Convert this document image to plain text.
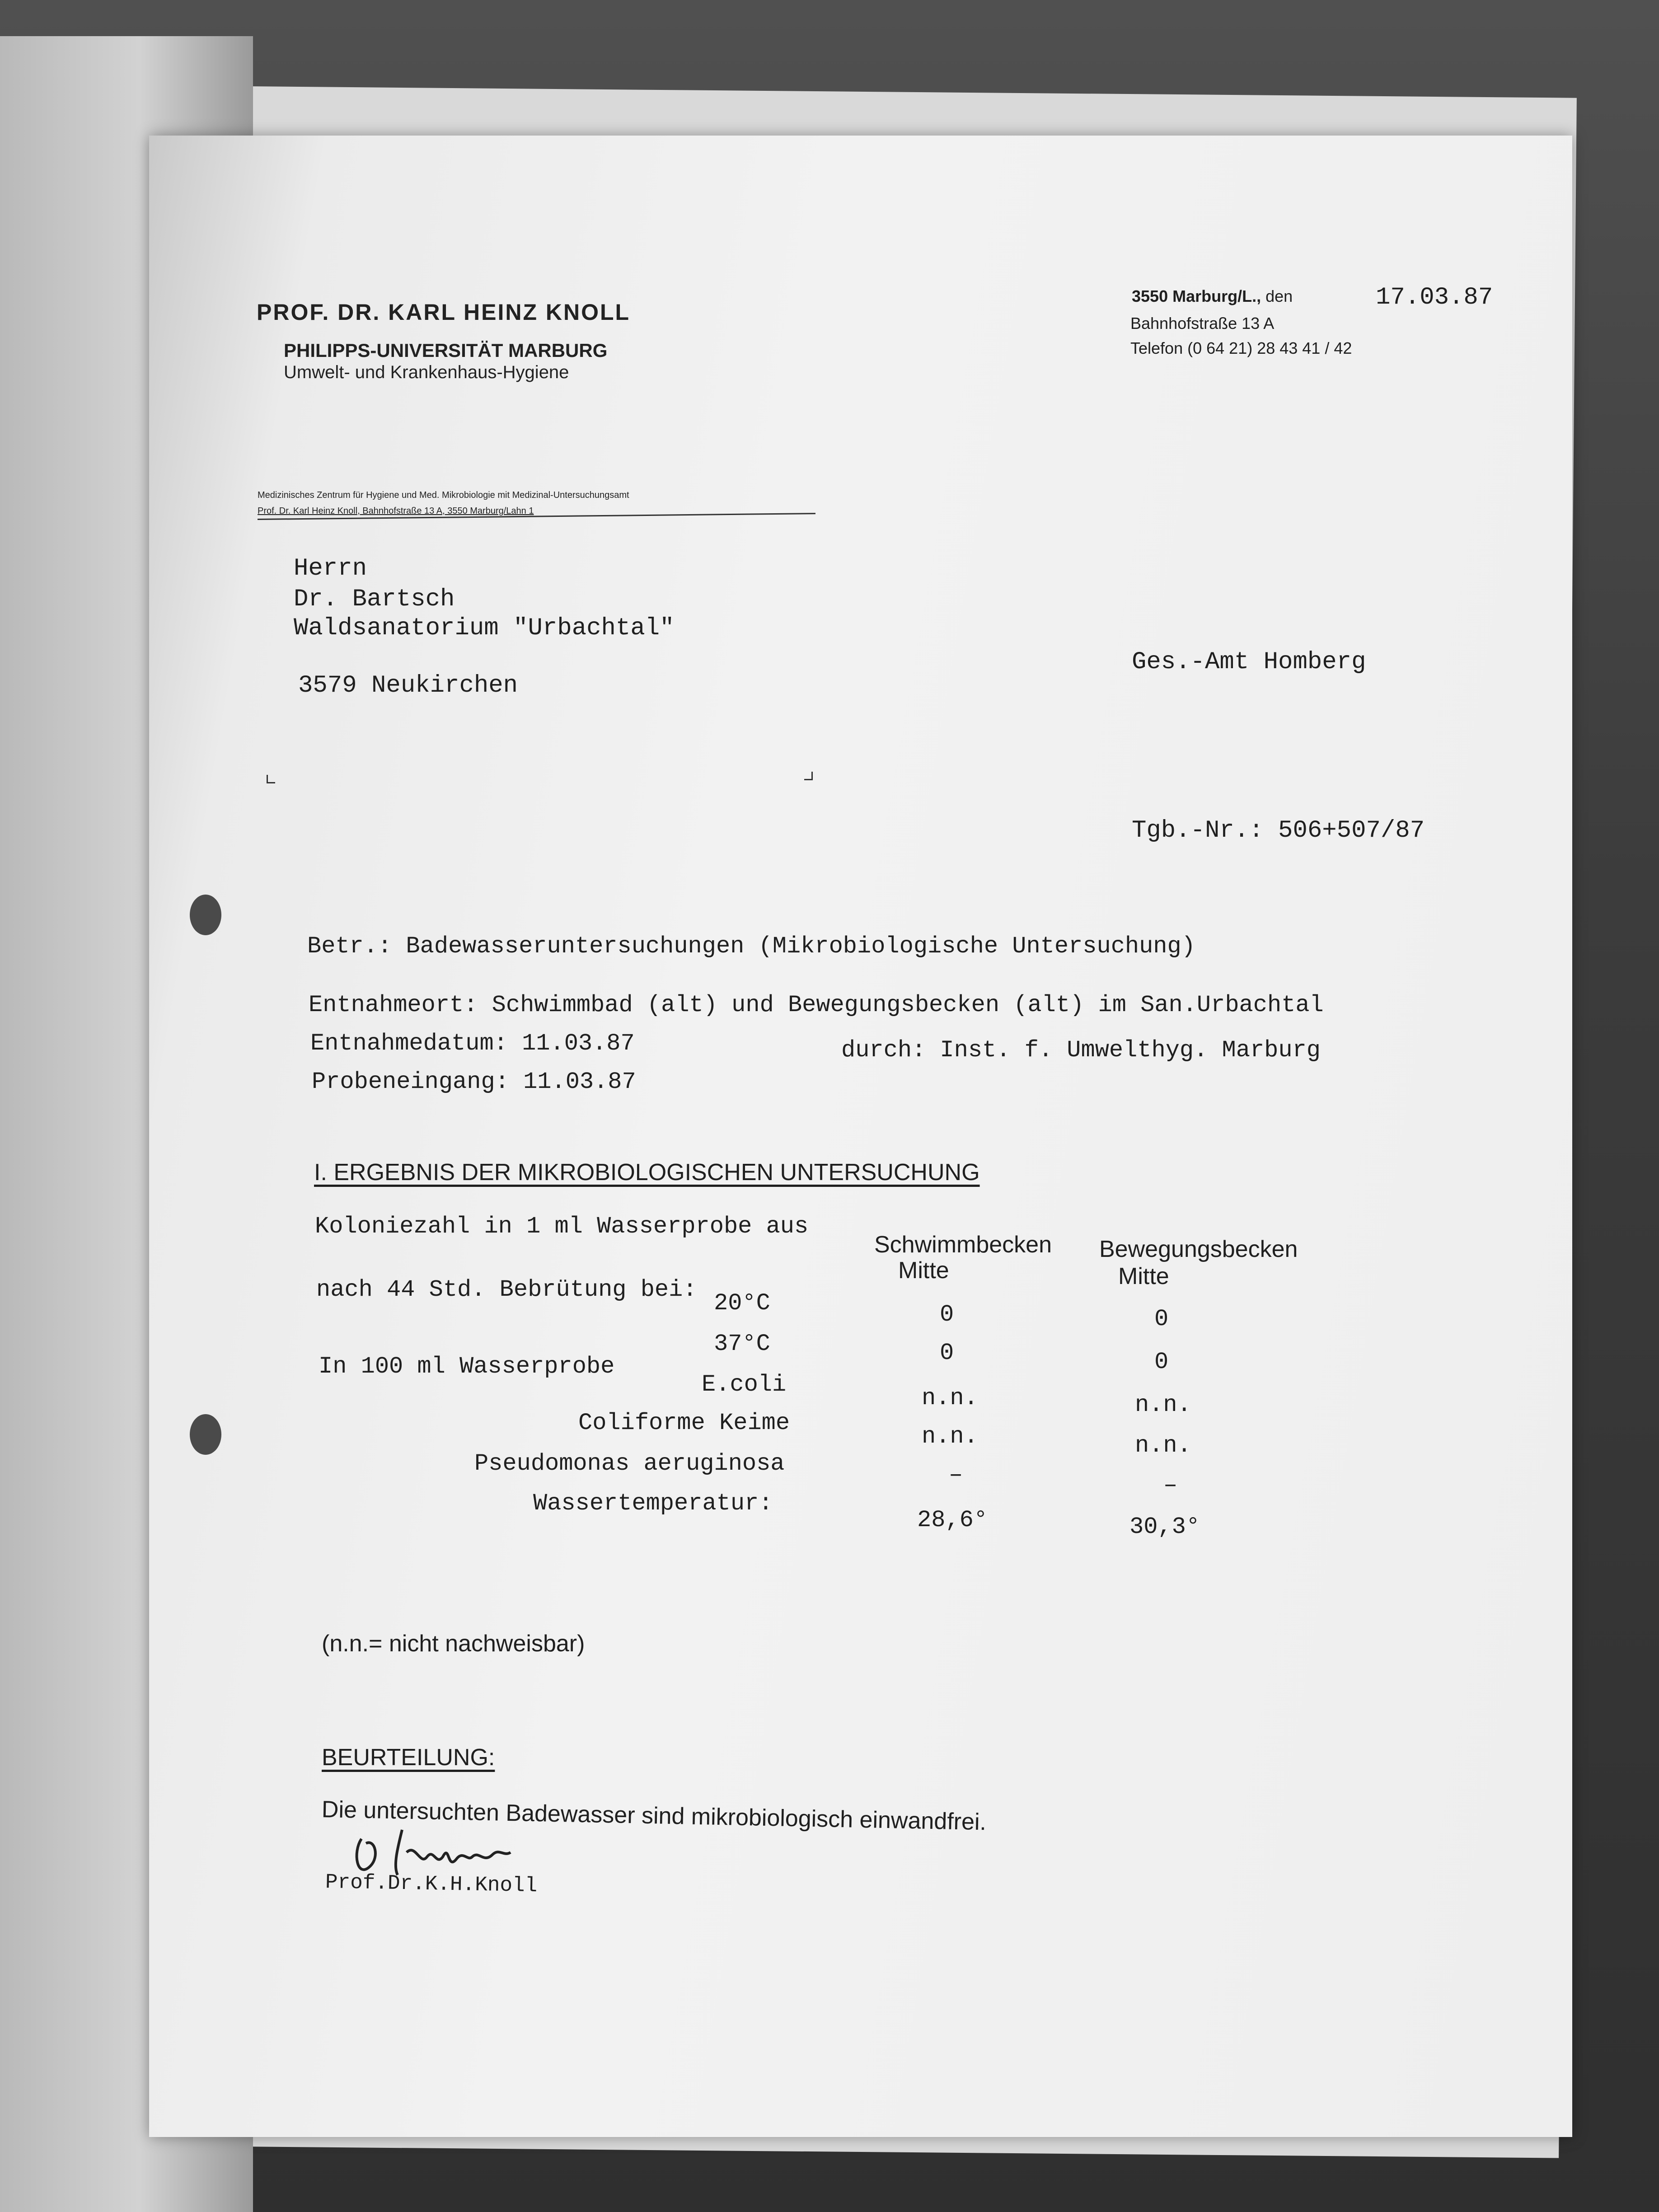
PROF. DR. KARL HEINZ KNOLL
PHILIPPS-UNIVERSITÄT MARBURG
Umwelt- und Krankenhaus-Hygiene
3550 Marburg/L., den	17.03.87
Bahnhofstraße 13 A
Telefon (0 64 21) 28 43 41 / 42
Medizinisches Zentrum für Hygiene und Med. Mikrobiologie mit Medizinal-Untersuchungsamt
Prof. Dr. Karl Heinz Knoll, Bahnhofstraße 13 A, 3550 Marburg/Lahn 1
Herrn
Dr. Bartsch
Waldsanatorium "Urbachtal"
3579 Neukirchen
Ges.-Amt Homberg
Tgb.-Nr.: 506+507/87
Betr.: Badewasseruntersuchungen (Mikrobiologische Untersuchung)
Entnahmeort: Schwimmbad (alt) und Bewegungsbecken (alt) im San.Urbachtal
Entnahmedatum: 11.03.87	durch: Inst. f. Umwelthyg. Marburg
Probeneingang: 11.03.87
I. ERGEBNIS DER MIKROBIOLOGISCHEN UNTERSUCHUNG
Koloniezahl in 1 ml Wasserprobe aus
nach 44 Std. Bebrütung bei:
In 100 ml Wasserprobe
Schwimmbecken
Mitte
Bewegungsbecken
Mitte
20°C
37°C
E.coli
Coliforme Keime
Pseudomonas aeruginosa
Wassertemperatur:
0
0
n.n.
n.n.
–
28,6°
0
0
n.n.
n.n.
–
30,3°
(n.n.= nicht nachweisbar)
BEURTEILUNG:
Die untersuchten Badewasser sind mikrobiologisch einwandfrei.
Prof.Dr.K.H.Knoll
